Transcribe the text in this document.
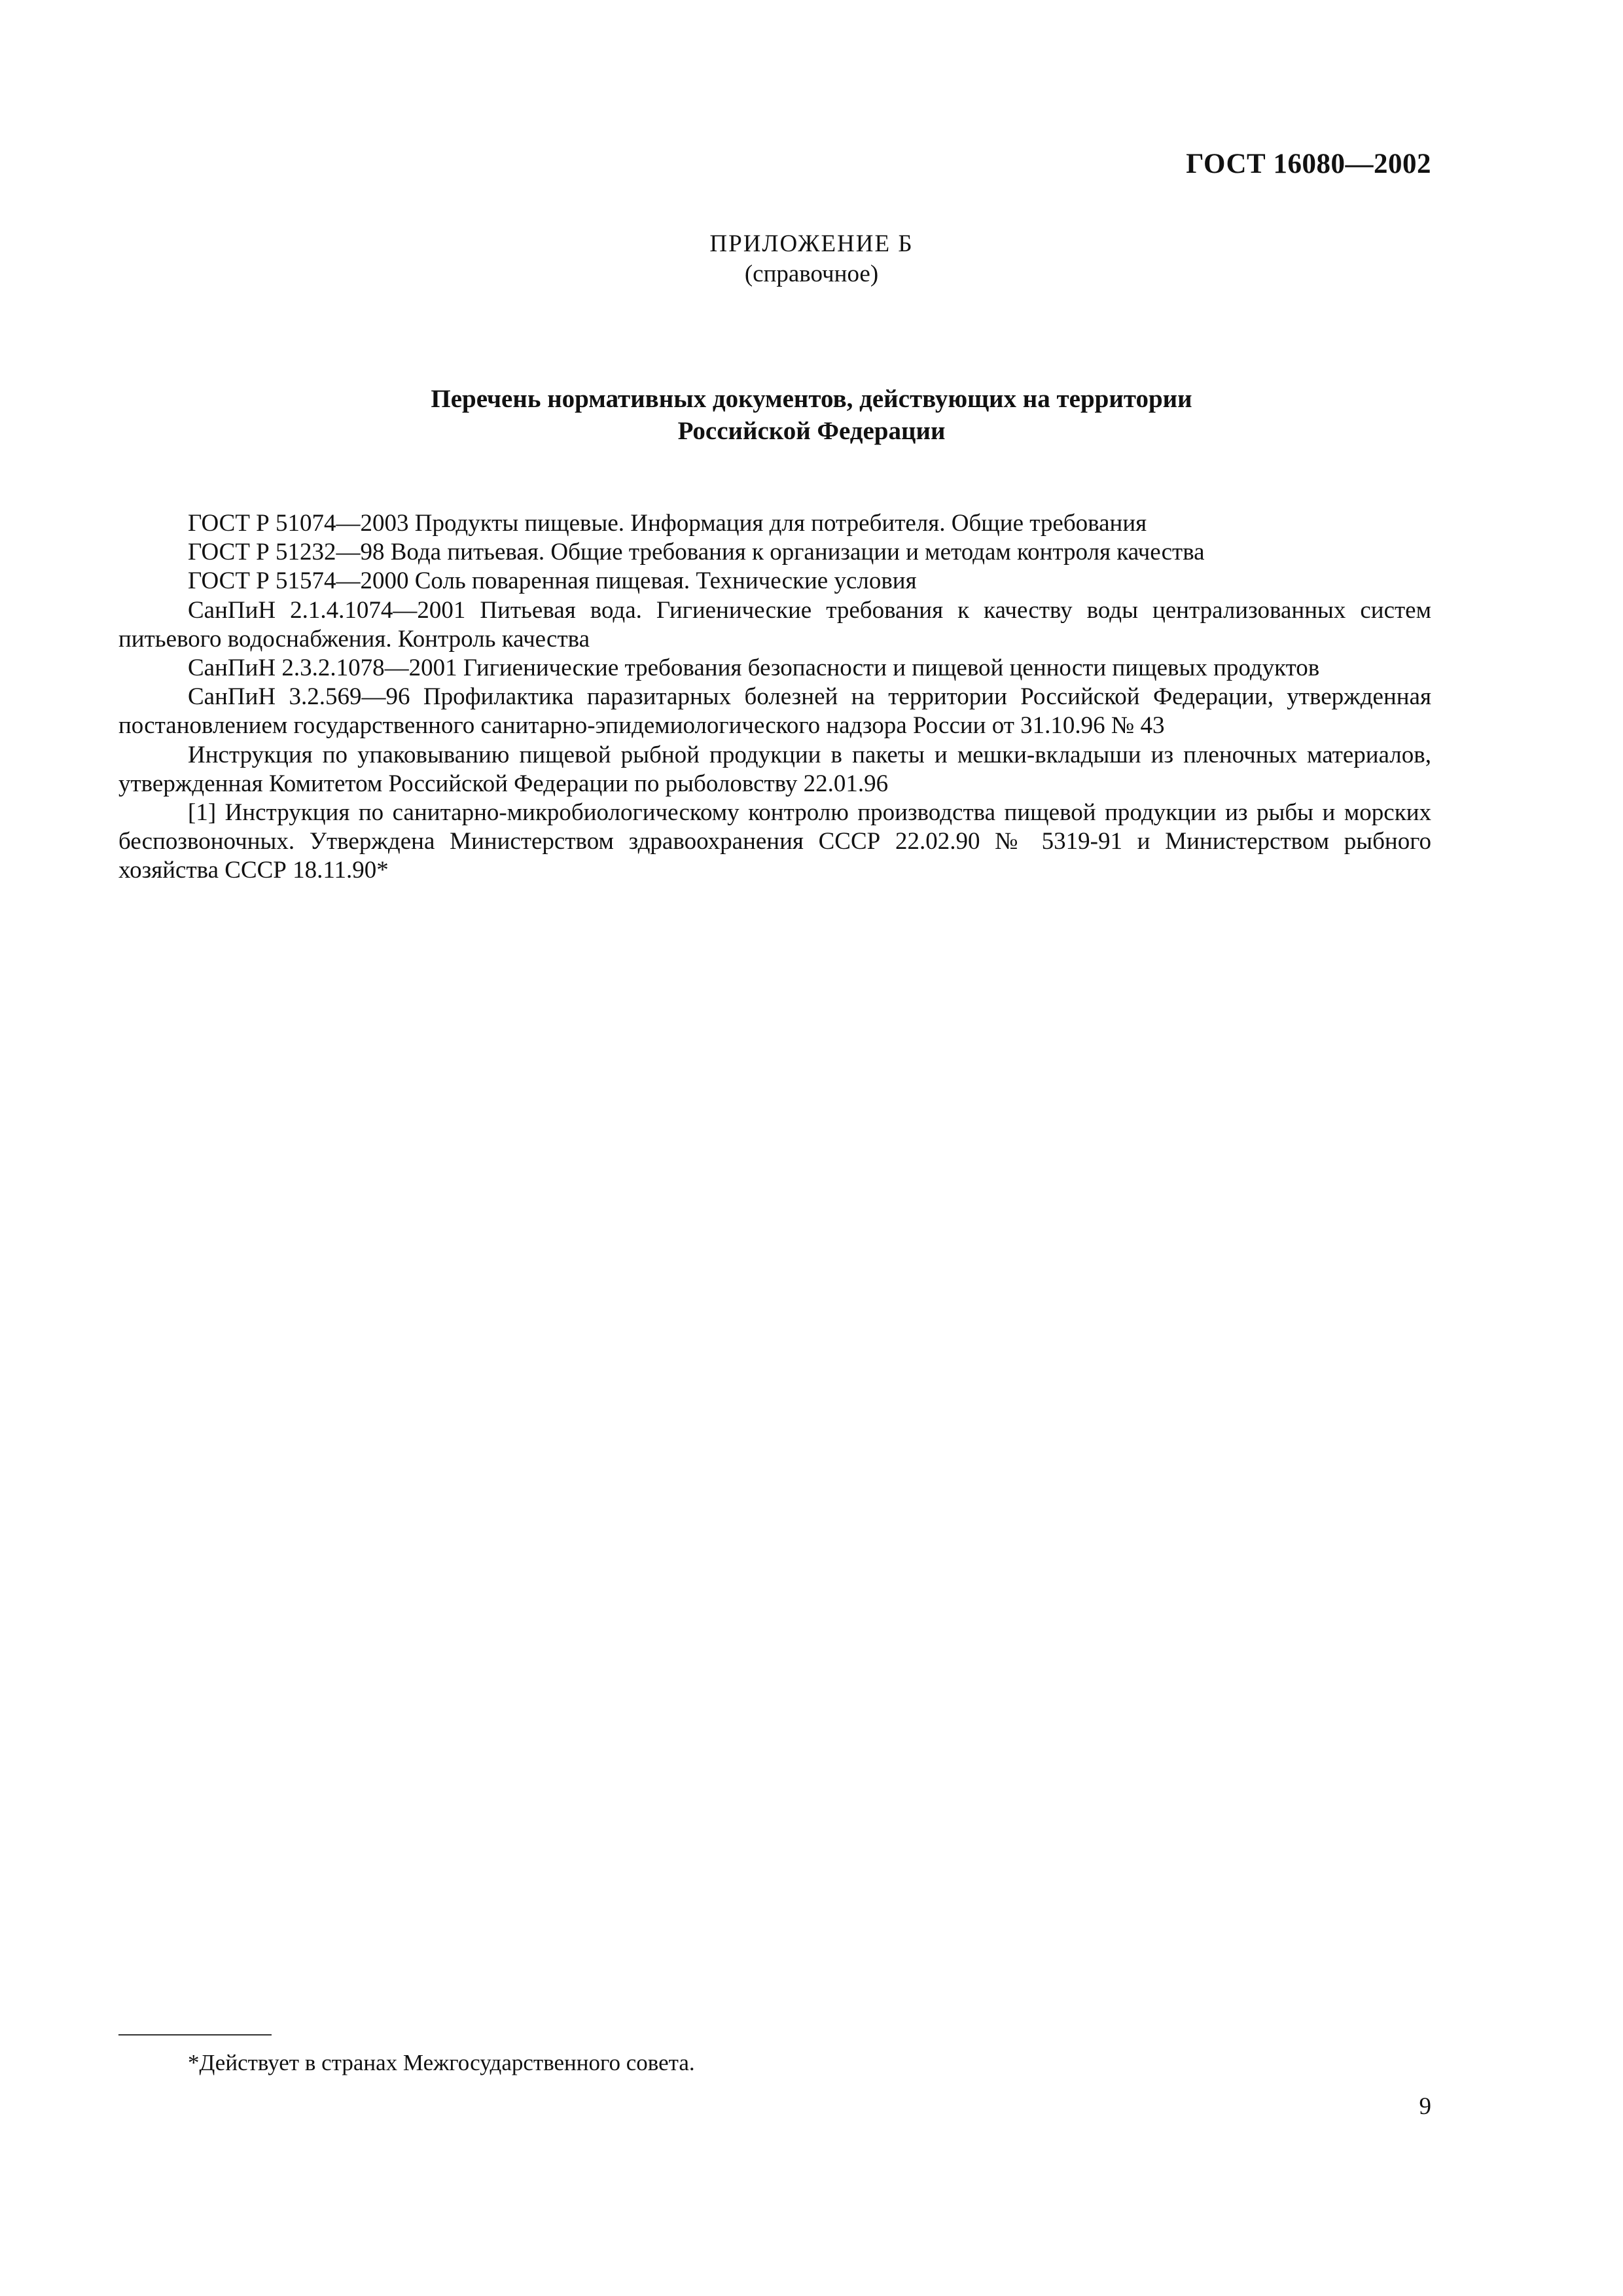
ГОСТ 16080—2002
ПРИЛОЖЕНИЕ Б
(справочное)
Перечень нормативных документов, действующих на территории
Российской Федерации

ГОСТ Р 51074—2003 Продукты пищевые. Информация для потребителя. Общие требования

ГОСТ Р 51232—98 Вода питьевая. Общие требования к организации и методам контроля качества

ГОСТ Р 51574—2000 Соль поваренная пищевая. Технические условия

СанПиН 2.1.4.1074—2001 Питьевая вода. Гигиенические требования к качеству воды централизованных систем питьевого водоснабжения. Контроль качества

СанПиН 2.3.2.1078—2001 Гигиенические требования безопасности и пищевой ценности пищевых продуктов

СанПиН 3.2.569—96 Профилактика паразитарных болезней на территории Российской Федерации, утвержденная постановлением государственного санитарно-эпидемиологического надзора России от 31.10.96 № 43

Инструкция по упаковыванию пищевой рыбной продукции в пакеты и мешки-вкладыши из пленочных материалов, утвержденная Комитетом Российской Федерации по рыболовству 22.01.96

[1] Инструкция по санитарно-микробиологическому контролю производства пищевой продукции из рыбы и морских беспозвоночных. Утверждена Министерством здравоохранения СССР 22.02.90 № 5319-91 и Министерством рыбного хозяйства СССР 18.11.90*

*Действует в странах Межгосударственного совета.
9
